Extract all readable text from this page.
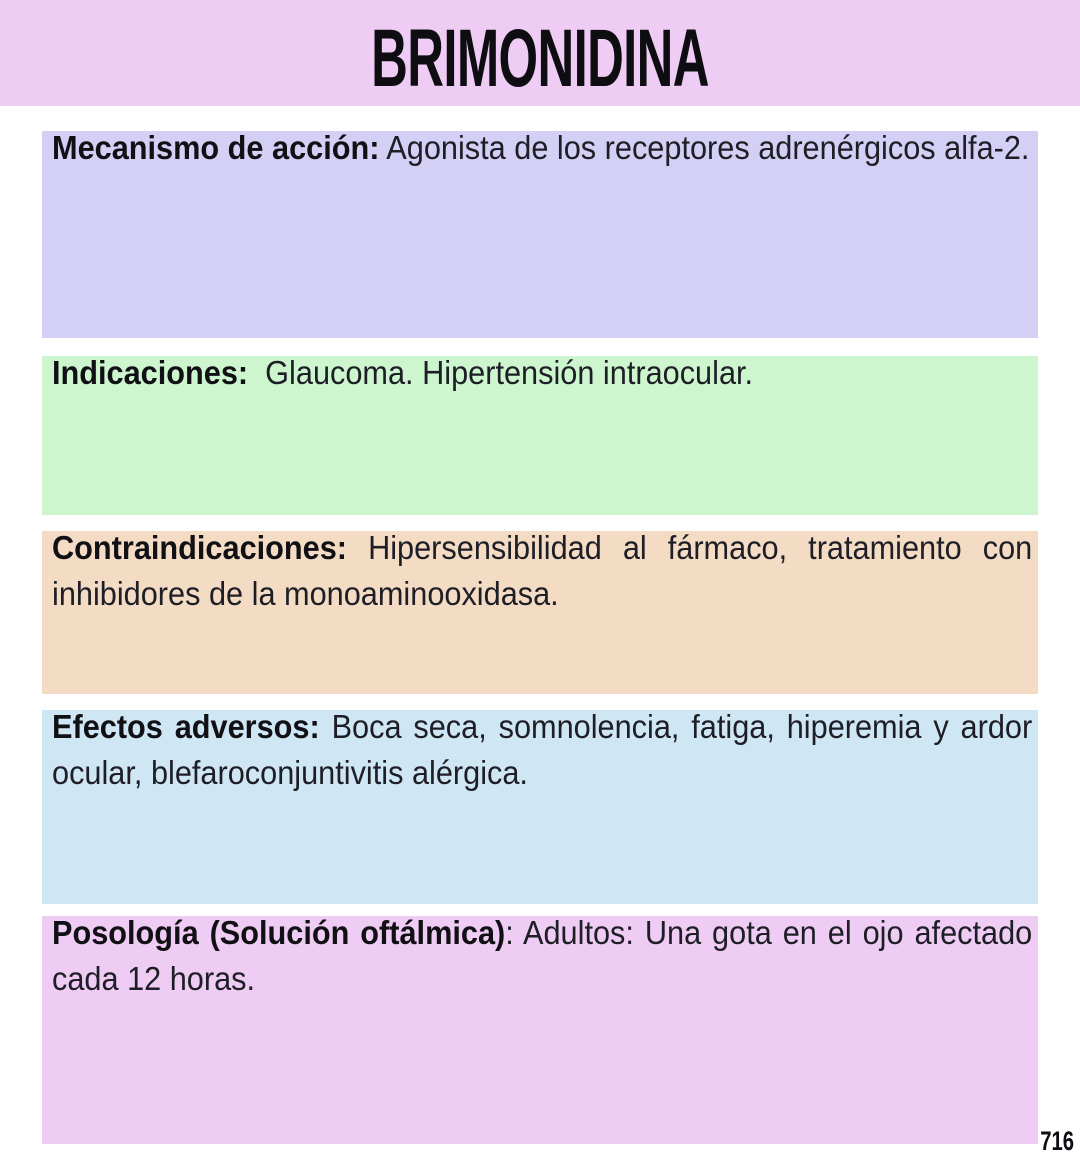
BRIMONIDINA

Mecanismo de acción: Agonista de los receptores adrenérgicos alfa-2.

Indicaciones:  Glaucoma. Hipertensión intraocular.

Contraindicaciones: Hipersensibilidad al fármaco, tratamiento con inhibidores de la monoaminooxidasa.

Efectos adversos: Boca seca, somnolencia, fatiga, hiperemia y ardor ocular, blefaroconjuntivitis alérgica.

Posología (Solución oftálmica): Adultos: Una gota en el ojo afectado cada 12 horas.

716
